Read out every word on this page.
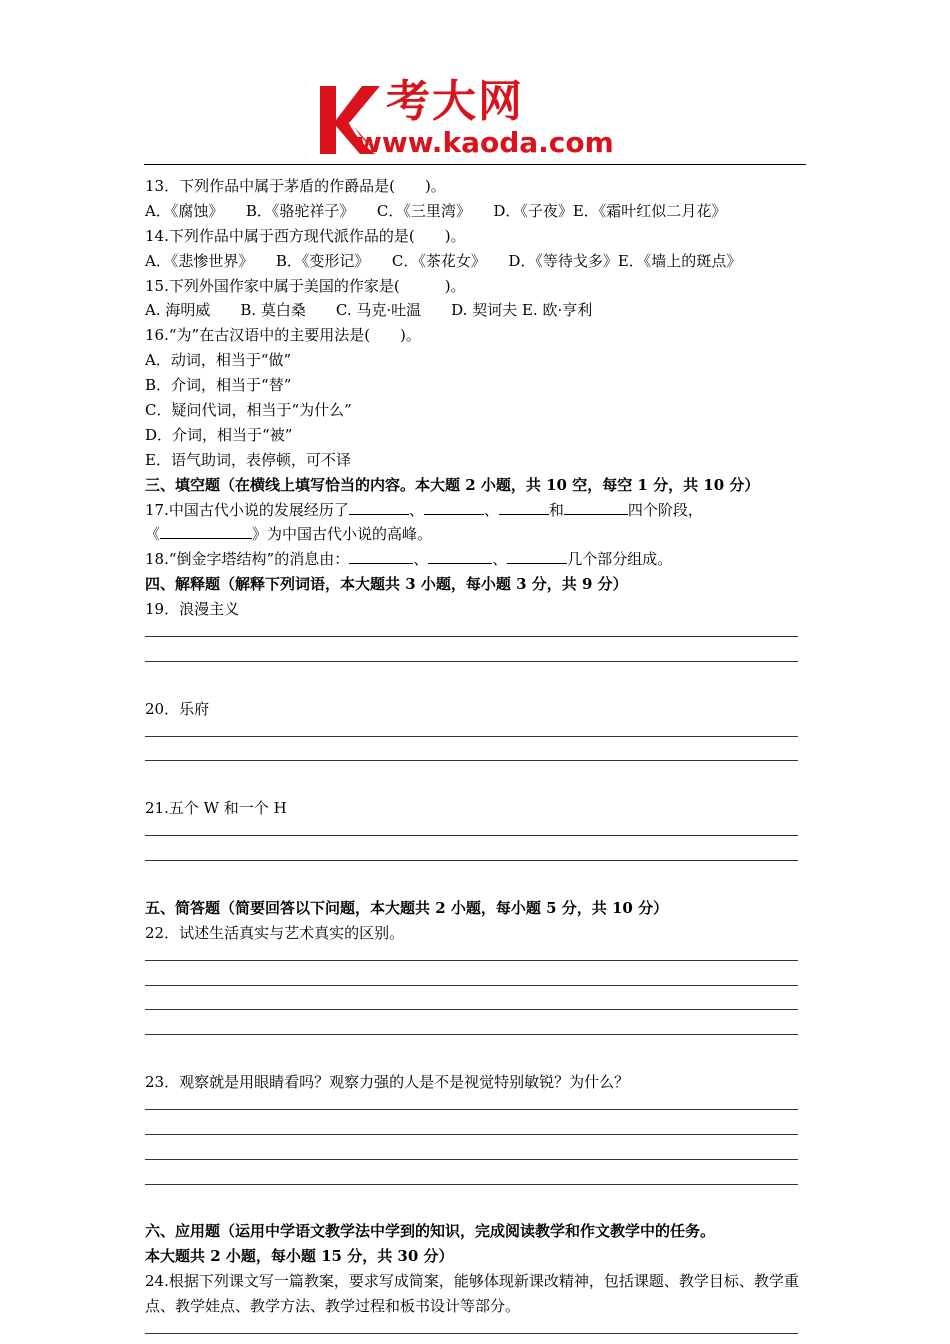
考大网
www.kaoda.com
13．下列作品中属于茅盾的作爵品是(　　)。
A．《腐蚀》　　B．《骆驼祥子》　　C．《三里湾》　　D．《子夜》E．《霜叶红似二月花》
14.下列作品中属于西方现代派作品的是(　　)。
A．《悲惨世界》　　B．《变形记》　　C．《茶花女》　　D．《等待戈多》E．《墙上的斑点》
15.下列外国作家中属于美国的作家是(　　　)。
A. 海明威　　B. 莫白桑　　C. 马克·吐温　　D. 契诃夫 E. 欧·亨利
16.“为”在古汉语中的主要用法是(　　)。
A．动词，相当于“做”
B．介词，相当于“替”
C．疑问代词，相当于“为什么”
D．介词，相当于“被”
E．语气助词，表停顿，可不译
三、填空题（在横线上填写恰当的内容。本大题 2 小题，共 10 空，每空 1 分，共 10 分）
17.中国古代小说的发展经历了	、	、	和	四个阶段，
《	》为中国古代小说的高峰。
18.“倒金字塔结构”的消息由：	、	、	几个部分组成。
四、解释题（解释下列词语，本大题共 3 小题，每小题 3 分，共 9 分）
19．浪漫主义
20．乐府
21.五个 W 和一个 H
五、简答题（简要回答以下问题，本大题共 2 小题，每小题 5 分，共 10 分）
22．试述生活真实与艺术真实的区别。
23．观察就是用眼睛看吗？观察力强的人是不是视觉特别敏锐？为什么？
六、应用题（运用中学语文教学法中学到的知识，完成阅读教学和作文教学中的任务。
本大题共 2 小题，每小题 15 分，共 30 分）
24.根据下列课文写一篇教案，要求写成简案，能够体现新课改精神，包括课题、教学目标、教学重点、教学娃点、教学方法、教学过程和板书设计等部分。
